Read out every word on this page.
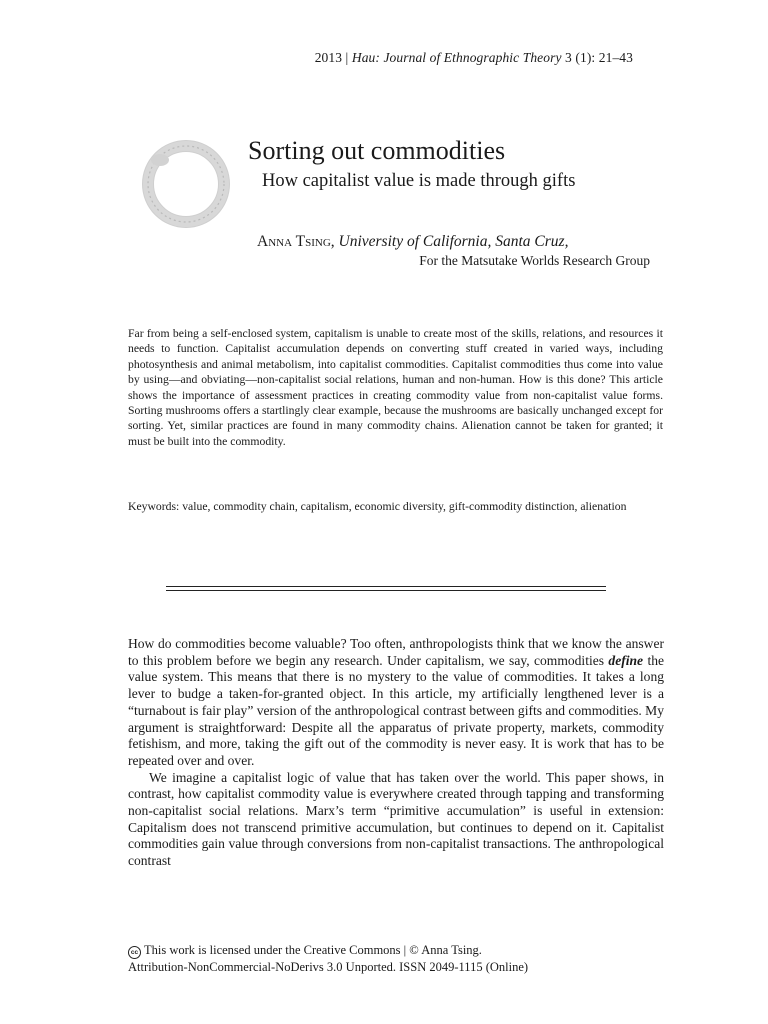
2013 | Hau: Journal of Ethnographic Theory 3 (1): 21–43
Sorting out commodities
How capitalist value is made through gifts
Anna Tsing, University of California, Santa Cruz,
For the Matsutake Worlds Research Group

Far from being a self-enclosed system, capitalism is unable to create most of the skills, relations, and resources it needs to function. Capitalist accumulation depends on converting stuff created in varied ways, including photosynthesis and animal metabolism, into capitalist commodities. Capitalist commodities thus come into value by using—and obviating—non-capitalist social relations, human and non-human. How is this done? This article shows the importance of assessment practices in creating commodity value from non-capitalist value forms. Sorting mushrooms offers a startlingly clear example, because the mushrooms are basically unchanged except for sorting. Yet, similar practices are found in many commodity chains. Alienation cannot be taken for granted; it must be built into the commodity.

Keywords: value, commodity chain, capitalism, economic diversity, gift-commodity distinction, alienation

How do commodities become valuable? Too often, anthropologists think that we know the answer to this problem before we begin any research. Under capitalism, we say, commodities define the value system. This means that there is no mystery to the value of commodities. It takes a long lever to budge a taken-for-granted object. In this article, my artificially lengthened lever is a “turnabout is fair play” version of the anthropological contrast between gifts and commodities. My argument is straightforward: Despite all the apparatus of private property, markets, commodity fetishism, and more, taking the gift out of the commodity is never easy. It is work that has to be repeated over and over.

We imagine a capitalist logic of value that has taken over the world. This paper shows, in contrast, how capitalist commodity value is everywhere created through tapping and transforming non-capitalist social relations. Marx’s term “primitive accumulation” is useful in extension: Capitalism does not transcend primitive accumulation, but continues to depend on it. Capitalist commodities gain value through conversions from non-capitalist transactions. The anthropological contrast

cc This work is licensed under the Creative Commons | © Anna Tsing.
Attribution-NonCommercial-NoDerivs 3.0 Unported. ISSN 2049-1115 (Online)
